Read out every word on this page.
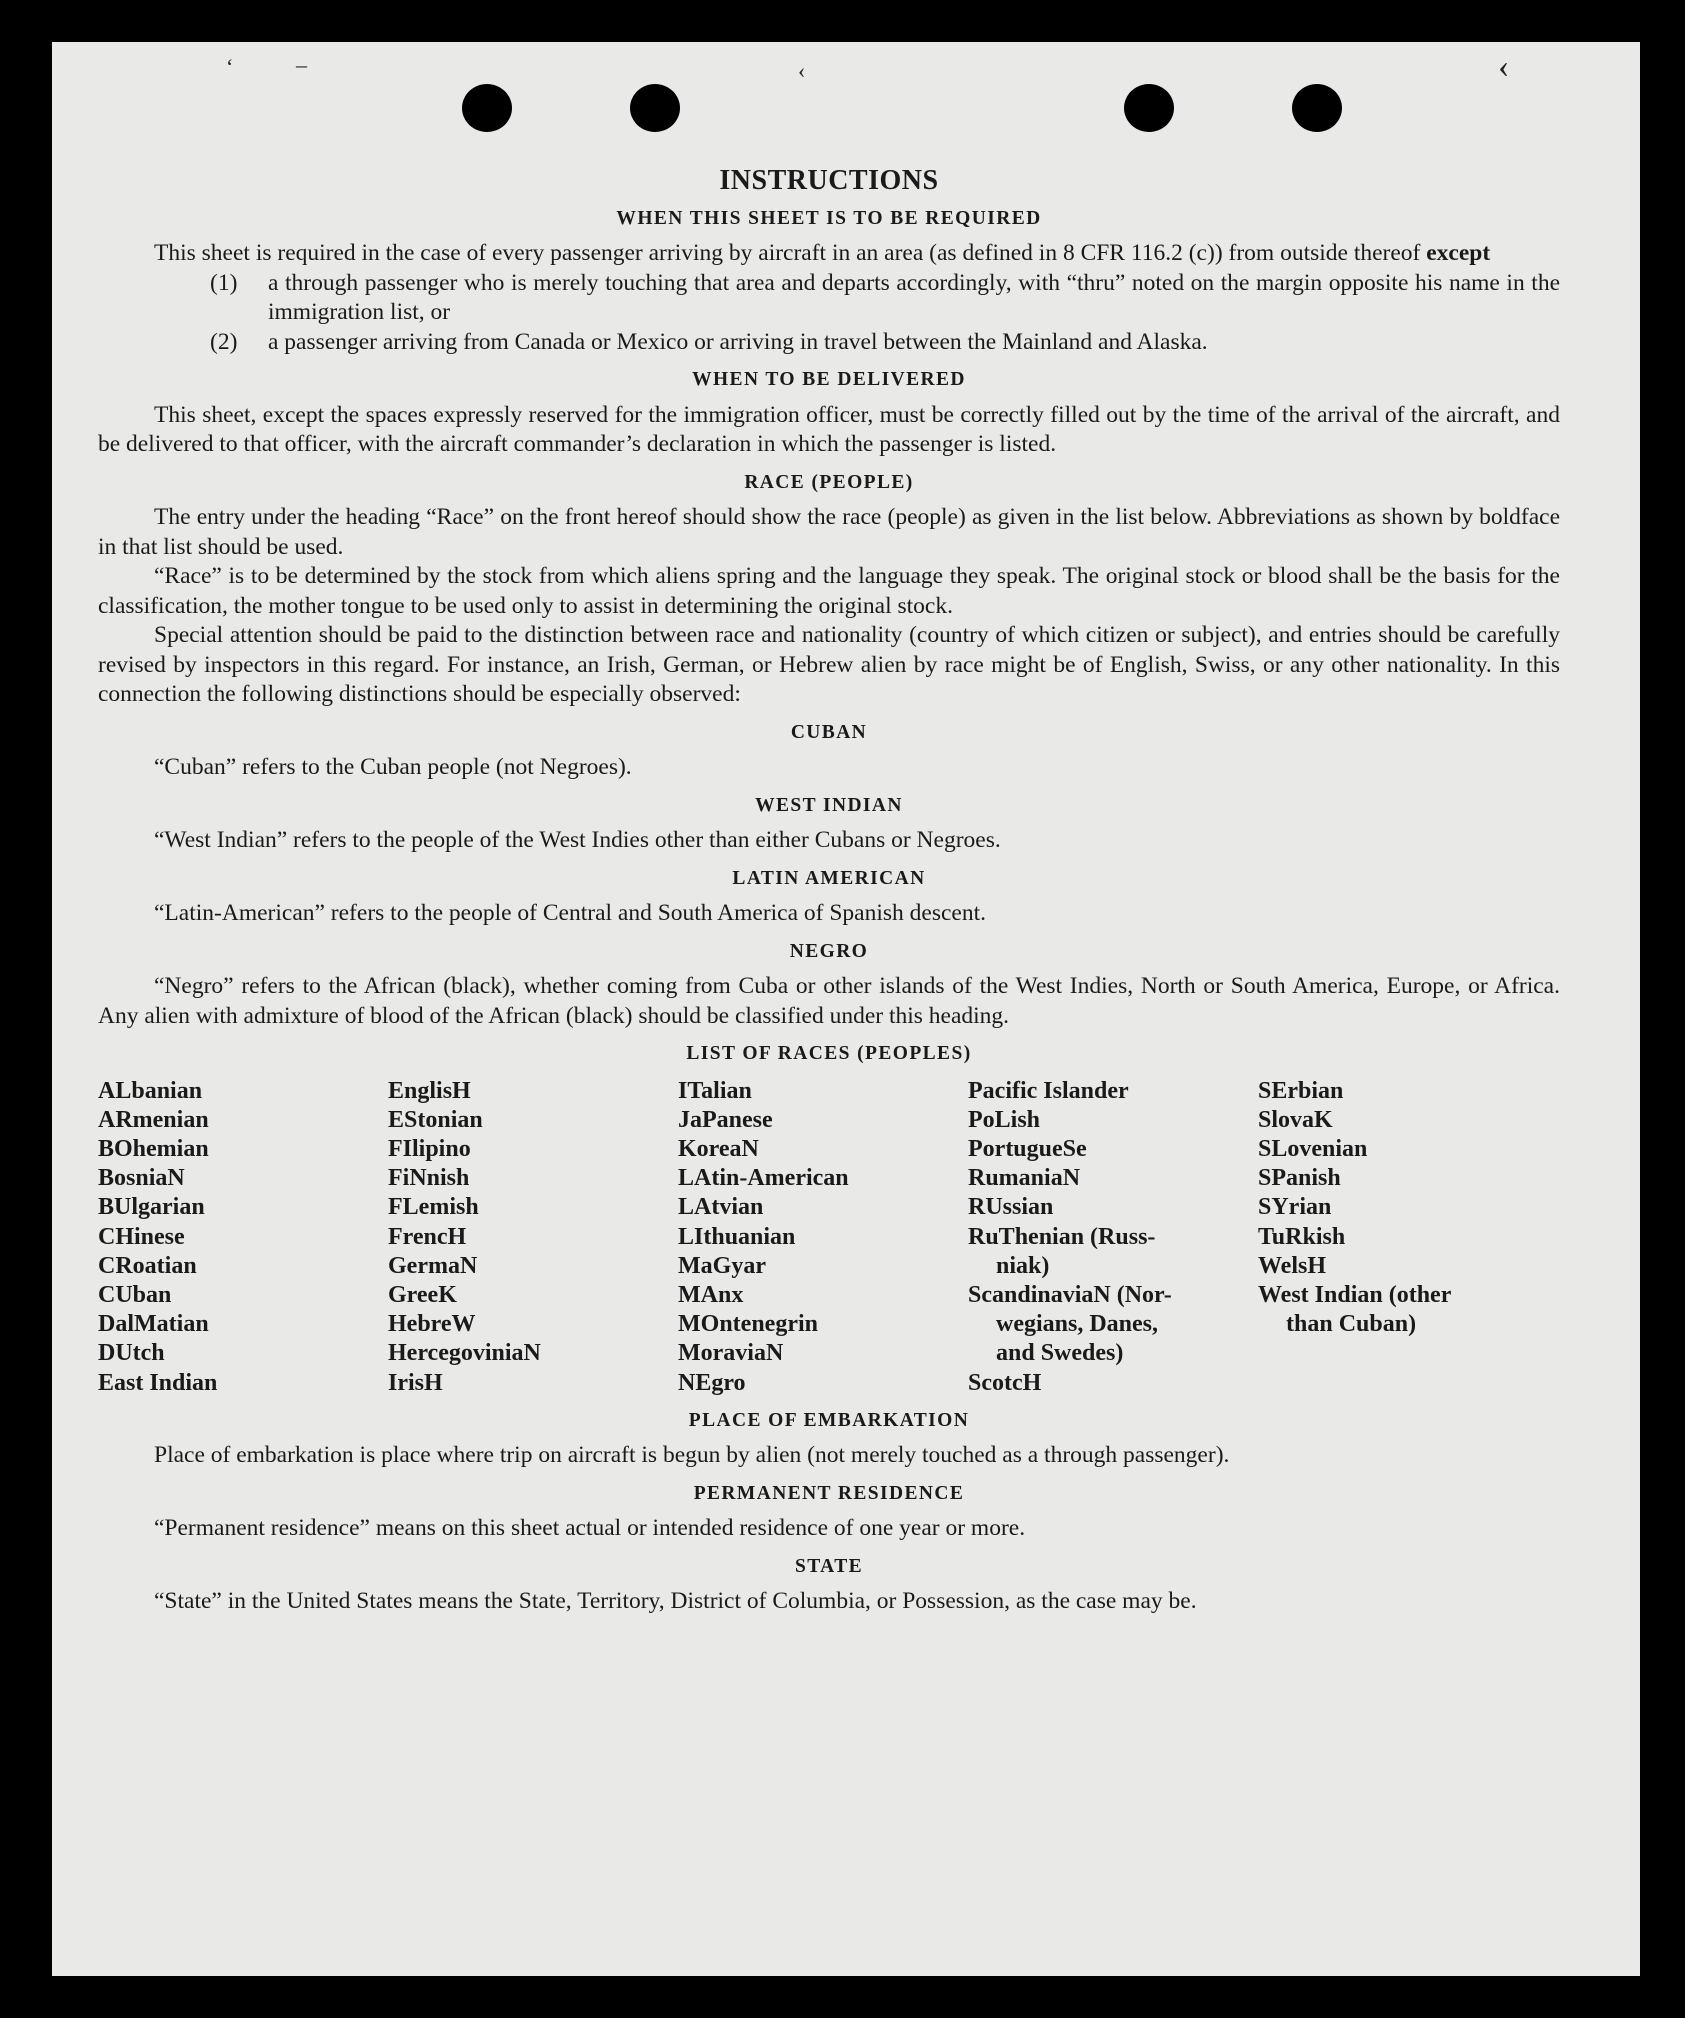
ʻ	–	‹	‹
INSTRUCTIONS
WHEN THIS SHEET IS TO BE REQUIRED

This sheet is required in the case of every passenger arriving by aircraft in an area (as defined in 8 CFR 116.2 (c)) from outside thereof except

(1)	a through passenger who is merely touching that area and departs accordingly, with “thru” noted on the margin opposite his name in the immigration list, or
(2)	a passenger arriving from Canada or Mexico or arriving in travel between the Mainland and Alaska.
WHEN TO BE DELIVERED

This sheet, except the spaces expressly reserved for the immigration officer, must be correctly filled out by the time of the arrival of the aircraft, and be delivered to that officer, with the aircraft commander’s declaration in which the passenger is listed.

RACE (PEOPLE)

The entry under the heading “Race” on the front hereof should show the race (people) as given in the list below. Abbreviations as shown by boldface in that list should be used.

“Race” is to be determined by the stock from which aliens spring and the language they speak. The original stock or blood shall be the basis for the classification, the mother tongue to be used only to assist in determining the original stock.

Special attention should be paid to the distinction between race and nationality (country of which citizen or subject), and entries should be carefully revised by inspectors in this regard. For instance, an Irish, German, or Hebrew alien by race might be of English, Swiss, or any other nationality. In this connection the following distinctions should be especially observed:

CUBAN

“Cuban” refers to the Cuban people (not Negroes).

WEST INDIAN

“West Indian” refers to the people of the West Indies other than either Cubans or Negroes.

LATIN AMERICAN

“Latin-American” refers to the people of Central and South America of Spanish descent.

NEGRO

“Negro” refers to the African (black), whether coming from Cuba or other islands of the West Indies, North or South America, Europe, or Africa. Any alien with admixture of blood of the African (black) should be classified under this heading.

LIST OF RACES (PEOPLES)
ALbanian
ARmenian
BOhemian
BosniaN
BUlgarian
CHinese
CRoatian
CUban
DalMatian
DUtch
East Indian
EnglisH
EStonian
FIlipino
FiNnish
FLemish
FrencH
GermaN
GreeK
HebreW
HercegoviniaN
IrisH
ITalian
JaPanese
KoreaN
LAtin-American
LAtvian
LIthuanian
MaGyar
MAnx
MOntenegrin
MoraviaN
NEgro
Pacific Islander
PoLish
PortugueSe
RumaniaN
RUssian
RuThenian (Russ-
niak)
ScandinaviaN (Nor-
wegians, Danes,
and Swedes)
ScotcH
SErbian
SlovaK
SLovenian
SPanish
SYrian
TuRkish
WelsH
West Indian (other
than Cuban)
PLACE OF EMBARKATION

Place of embarkation is place where trip on aircraft is begun by alien (not merely touched as a through passenger).

PERMANENT RESIDENCE

“Permanent residence” means on this sheet actual or intended residence of one year or more.

STATE

“State” in the United States means the State, Territory, District of Columbia, or Possession, as the case may be.
